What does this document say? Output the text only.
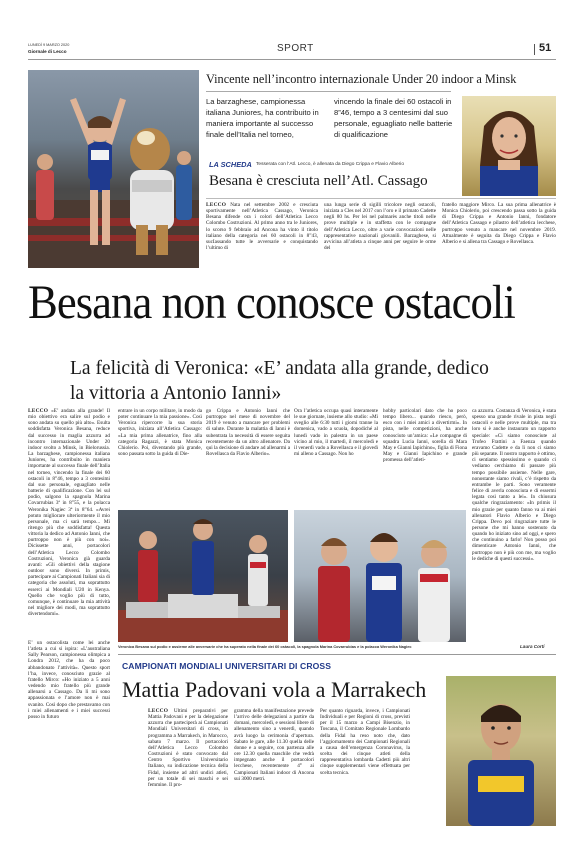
LUNEDÌ 9 MARZO 2020
Giornale di Lecco	SPORT	51
Vincente nell’incontro internazionale Under 20 indoor a Minsk
La barzaghese, campionessa italiana Juniores, ha contribuito in maniera importante al successo finale dell’Italia nel torneo,
vincendo la finale dei 60 ostacoli in 8”46, tempo a 3 centesimi dal suo personale, eguagliato nelle batterie di qualificazione
LA SCHEDA Tesserata con l’Atl. Lecco, è allenata da Diego Crippa e Flavio Alberio
Besana è cresciuta nell’Atl. Cassago
LECCO Nata nel settembre 2002 e cresciuta sportivamente nell’Atletica Cassago, Veronica Besana difende ora i colori dell’Atletica Lecco Colombo Costruzioni. Al primo anno tra le Juniores, lo scorso 9 febbraio ad Ancona ha vinto il titolo italiano della categoria nei 60 ostacoli in 8”43, sucIassando tutte le avversarie e conquistando l’ultimo di
una lunga serie di sigilli tricolore negli ostacoli, iniziata a Cles nel 2017 con l’oro e il primato Cadette negli 80 hs. Per lei nel palmarès anche titoli nelle prove multiple e in staffetta con le compagne dell’Atletica Lecco, oltre a varie convocazioni nelle rappresentative nazionali giovanili. Barzaghese, si avvicina all’atleta a cinque anni per seguire le orme del
fratello maggiore Mirco. La sua prima allenatrice è Monica Chiolerio, poi crescendo passa sotto la guida di Diego Crippa e Antonio Ianni, fondatore dell’Atletica Cassago e pilastro dell’atletica lecchese, purtroppo venuto a mancare nel novembre 2019. Attualmente è seguita da Diego Crippa e Flavio Alberio e si allena tra Cassago e Rovellasca.
Besana non conosce ostacoli
La felicità di Veronica: «E’ andata alla grande, dedico la vittoria a Antonio Ianni»
LECCO «E’ andata alla grande! Il mio obiettivo era salire sul podio e sono andata su quello più alto». Esulta soddisfatta Veronica Besana, reduce dal successo in maglia azzurra ad incontro internazionale Under 20 indoor svolto a Minsk, in Bielorussia. La barzaghese, campionessa italiana Juniores, ha contribuito in maniera importante al successo finale dell’Italia nel torneo, vincendo la finale dei 60 ostacoli in 8”46, tempo a 3 centesimi dal suo personale, eguagliato nelle batterie di qualificazione. Con lei sul podio, salgono la spagnola Marina Covarrubias 3ª in 8”55, e la polacca Weronika Nagiec 3ª in 8”64. «Avrei potuto migliorare ulteriormente il mio personale, ma ci sarà tempo... Mi ritengo più che soddisfatta! Questa vittoria la dedico ad Antonio Ianni, che purtroppo non è più con noi». Dicissette anni, portacolori dell’Atletica Lecco Colombo Costruzioni, Veronica già guarda avanti: «Gli obiettivi della stagione outdoor sono diversi. In primis, partecipare ai Campionati Italiani sia di categoria che assoluti, ma soprattutto esserci ai Mondiali U20 in Kenya. Quello che voglio più di tutto, comunque, è continuare la mia attività nel migliore dei modi, ma soprattutto divertendomi».
E’ un ostacolista come lei anche l’atleta a cui si ispira: «L’australiana Sally Pearson, campionessa olimpica a Londra 2012, che ha da poco abbandonato l’attività». Questo sport l’ha, invece, conosciuto grazie al fratello Mirco: «Ho iniziato a 5 anni vedendo mio fratello più grande allenarsi a Cassago. Da lì mi sono appassionata e l’amore non è mai svanito. Così dopo che prestavamo con i miei allenamenti e i miei successi posso in futuro
entrare in un corpo militare, in modo da poter continuare la mia passione». Così Veronica ripercorre la sua storia sportiva, iniziata all’Atletica Cassago: «La mia prima allenatrice, fino alla categoria Ragazzi, è stata Monica Chiolerio. Poi, diventando più grande, sono passata sotto la guida di Die-
go Crippa e Antonio Ianni che purtroppo nel mese di novembre del 2019 è venuto a mancare per problemi di salute. Durante la malattia di Ianni è subentrata la necessità di essere seguita recentemente da un altro allenatore. Da qui la decisione di andare ad allenarmi a Rovellasca da Flavio Alberio».
Ora l’atletica occupa quasi interamente le sue giornate, insieme allo studio: «Mi sveglio alle 6:30 tutti i giorni tranne la domenica, vado a scuola, dopodiché al lunedì vado in palestra in un paese vicino al mio, il martedì, il mercoledì e il venerdì vado a Rovellasca e il giovedì mi alleno a Cassago. Non ho
hobby particolari dato che ho poco tempo libero... quando riesco, però, esco con i miei amici a divertirmi». In pista, nelle competizioni, ha anche conosciuto un’amica: «Le compagne di squadra Lucia Ianni, sorella di Mara May e Gianni Iapichino», figlia di Fiona May e Gianni Iapichino e grande promessa dell’atleti-
ca azzurra. Costanza di Veronica, è stata spesso una grande rivale in pista negli ostacoli e nelle prove multiple, ma tra loro si è anche instaurato un rapporto speciale: «Ci siamo conosciute al Trofeo Frattini a Faenza quando eravamo Cadette e da lì non ci siamo più separate. Il nostro rapporto è ottimo, ci sentiamo spessissimo e quando ci vediamo cerchiamo di passare più tempo possibile assieme. Nelle gare, nonostante siamo rivali, c’è rispetto da entrambe le parti. Sono veramente felice di averla conosciuta e di essermi legata così tanto a lei». In chiusura qualche ringraziamento: «In primis il mio grazie per quanto fanno va ai miei allenatori Flavio Alberio e Diego Crippa. Devo poi ringraziare tutte le persone che mi hanno sostenuto da quando ho iniziato sino ad oggi, e spero che continuino a farlo! Non posso poi dimenticare Antonio Ianni, che purtroppo non è più con me, ma voglio le dediche di questi successi».
Veronica Besana sul podio e assieme alle avversarie che ha superato nella finale dei 60 ostacoli, la spagnola Marina Covarrubias e la polacca Weronika Nagiec	Laura Corti
CAMPIONATI MONDIALI UNIVERSITARI DI CROSS
Mattia Padovani vola a Marrakech
LECCO Ultimi preparativi per Mattia Padovani e per la delegazione azzurra che parteciperà ai Campionati Mondiali Universitari di cross, in programma a Marrakech, in Marocco, sabato 7 marzo. Il portacolori dell’Atletica Lecco Colombo Costruzioni è stato convocato dal Centro Sportivo Universitario Italiano, su indicazione tecnica della Fidal, insieme ad altri undici atleti, per un totale di sei maschi e sei femmine. Il pro-
gramma della manifestazione prevede l’arrivo delle delegazioni a partire da domani, mercoledì, e sessioni libere di allenamento sino a venerdì, quando avrà luogo la cerimonia d’apertura. Sabato le gare, alle 11.30 quella delle donne e a seguire, con partenza alle ore 12.30 quella maschile che vedrà impegnato anche il portacolori lecchese, recentemente 4° ai Campionati Italiani indoor di Ancona sui 3000 metri.
Per quanto riguarda, invece, i Campionati Individuali e per Regioni di cross, previsti per il 15 marzo a Campi Bisenzio, in Toscana, il Comitato Regionale Lombardo della Fidal ha reso noto che, dato l’aggiornamento dei Campionati Regionali a causa dell’emergenza Coronavirus, la scelta dei cinque atleti della rappresentativa lombarda Cadetti più altri cinque supplementari viene effettuata per scelta tecnica.
